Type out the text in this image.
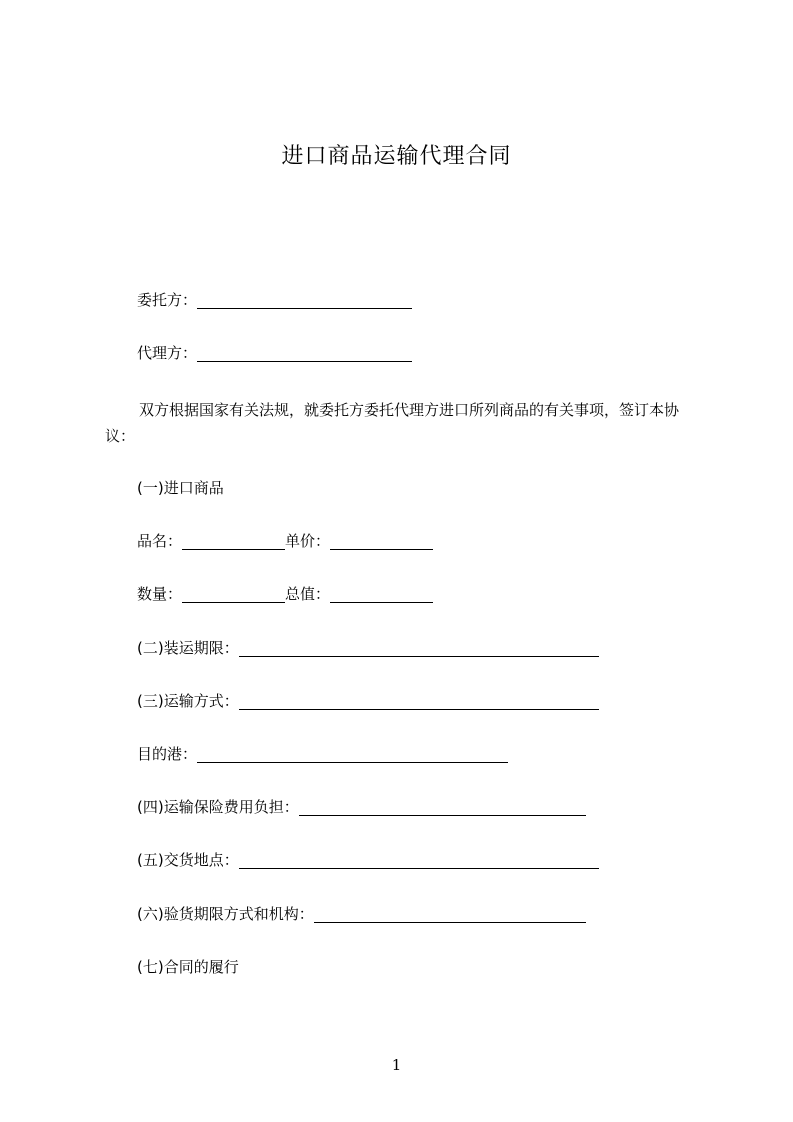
进口商品运输代理合同
委托方：
代理方：
双方根据国家有关法规，就委托方委托代理方进口所列商品的有关事项，签订本协议：
(一)进口商品
品名：	单价：
数量：	总值：
(二)装运期限：
(三)运输方式：
目的港：
(四)运输保险费用负担：
(五)交货地点：
(六)验货期限方式和机构：
(七)合同的履行
1
